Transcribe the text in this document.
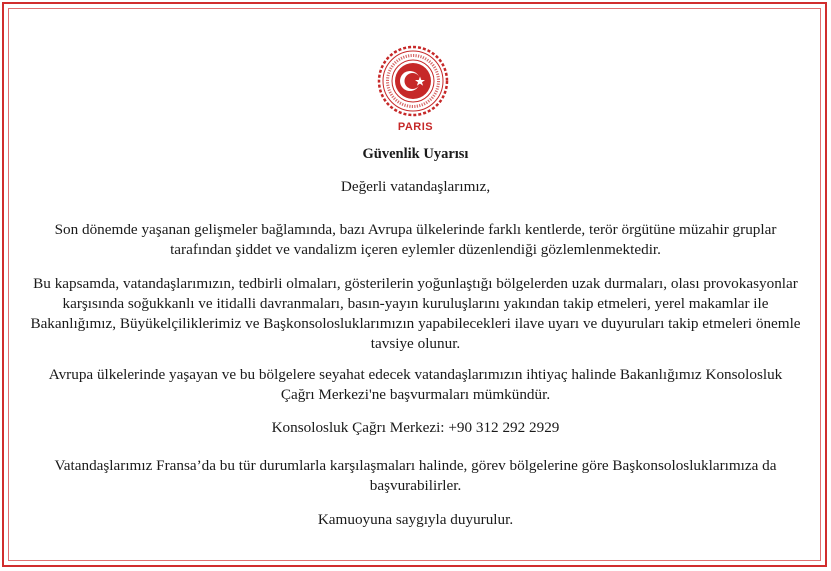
PARIS
Güvenlik Uyarısı
Değerli vatandaşlarımız,
Son dönemde yaşanan gelişmeler bağlamında, bazı Avrupa ülkelerinde farklı kentlerde, terör örgütüne müzahir gruplar tarafından şiddet ve vandalizm içeren eylemler düzenlendiği gözlemlenmektedir.
Bu kapsamda, vatandaşlarımızın, tedbirli olmaları, gösterilerin yoğunlaştığı bölgelerden uzak durmaları, olası provokasyonlar karşısında soğukkanlı ve itidalli davranmaları, basın-yayın kuruluşlarını yakından takip etmeleri, yerel makamlar ile Bakanlığımız, Büyükelçiliklerimiz ve Başkonsolosluklarımızın yapabilecekleri ilave uyarı ve duyuruları takip etmeleri önemle tavsiye olunur.
Avrupa ülkelerinde yaşayan ve bu bölgelere seyahat edecek vatandaşlarımızın ihtiyaç halinde Bakanlığımız Konsolosluk Çağrı Merkezi'ne başvurmaları mümkündür.
Konsolosluk Çağrı Merkezi: +90 312 292 2929
Vatandaşlarımız Fransa’da bu tür durumlarla karşılaşmaları halinde, görev bölgelerine göre Başkonsolosluklarımıza da başvurabilirler.
Kamuoyuna saygıyla duyurulur.
